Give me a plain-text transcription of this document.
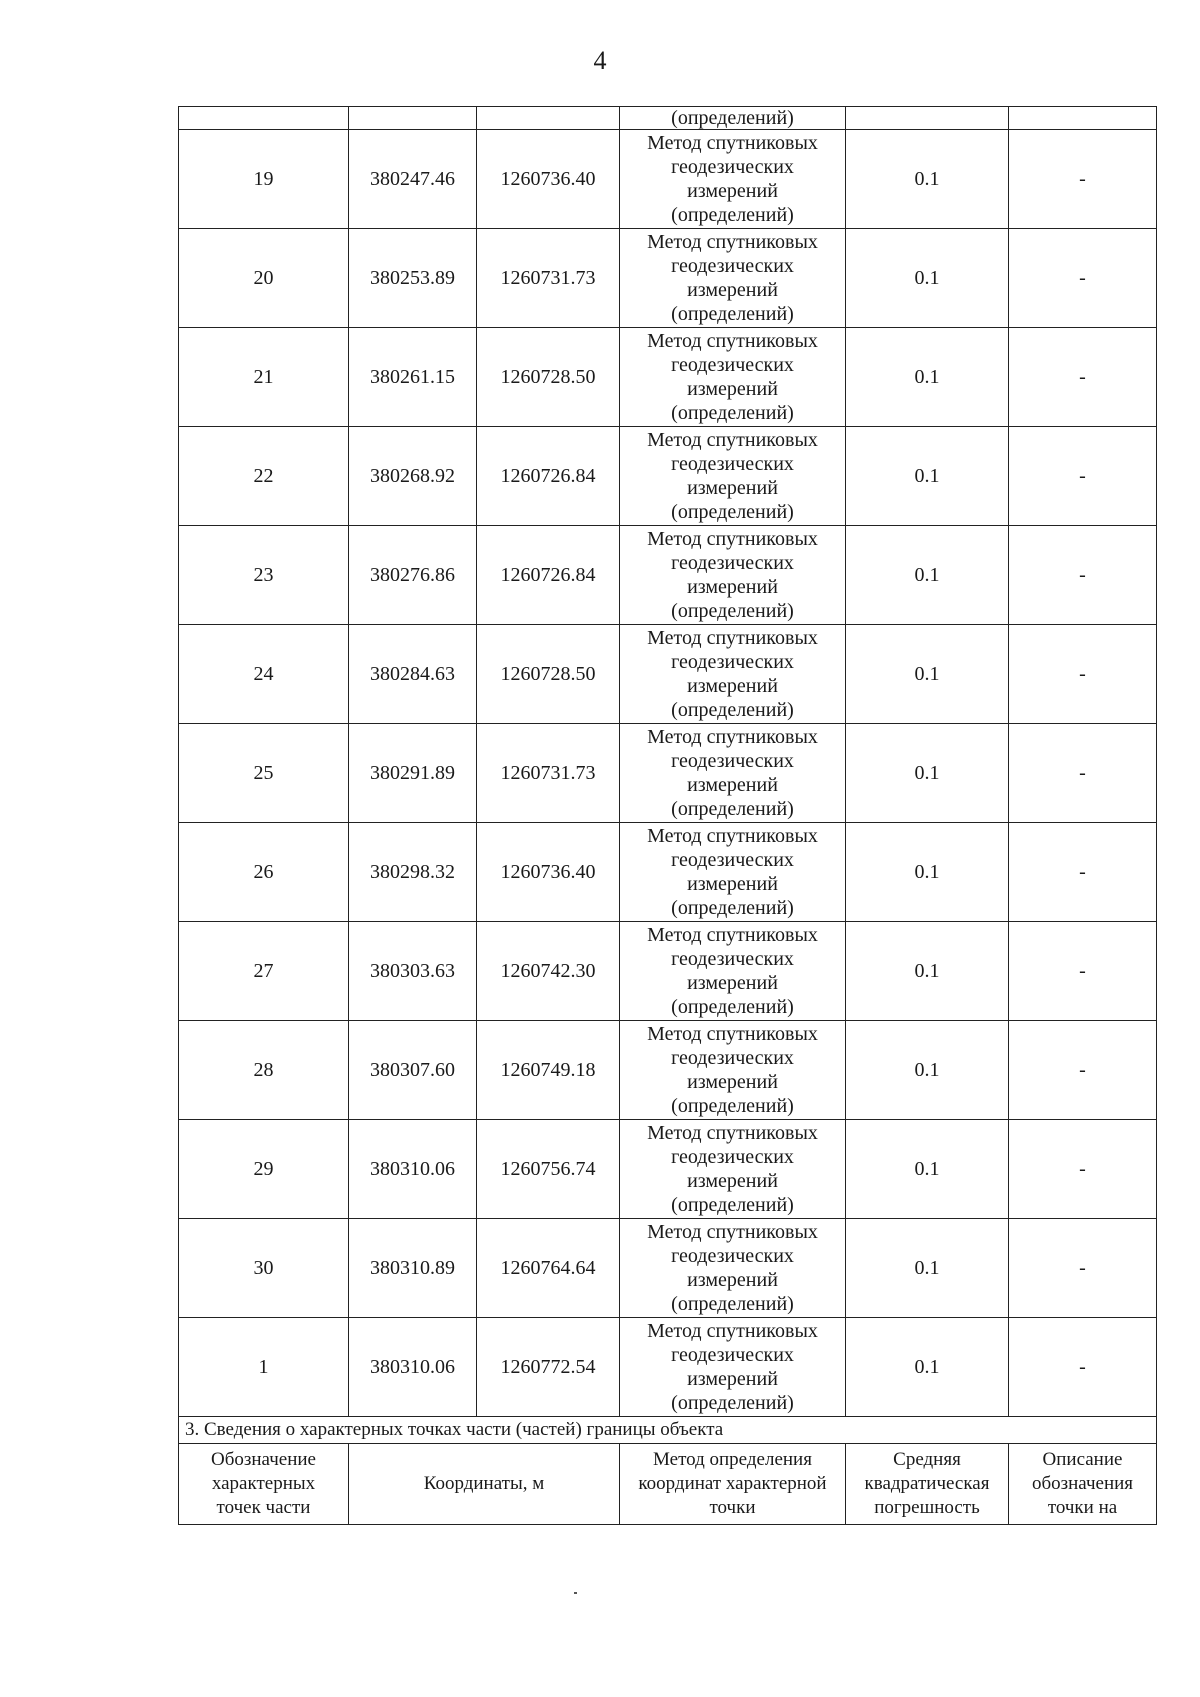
4
			(определений)		
19	380247.46	1260736.40	Метод спутниковых
геодезических
измерений
(определений)	0.1	-
20	380253.89	1260731.73	Метод спутниковых
геодезических
измерений
(определений)	0.1	-
21	380261.15	1260728.50	Метод спутниковых
геодезических
измерений
(определений)	0.1	-
22	380268.92	1260726.84	Метод спутниковых
геодезических
измерений
(определений)	0.1	-
23	380276.86	1260726.84	Метод спутниковых
геодезических
измерений
(определений)	0.1	-
24	380284.63	1260728.50	Метод спутниковых
геодезических
измерений
(определений)	0.1	-
25	380291.89	1260731.73	Метод спутниковых
геодезических
измерений
(определений)	0.1	-
26	380298.32	1260736.40	Метод спутниковых
геодезических
измерений
(определений)	0.1	-
27	380303.63	1260742.30	Метод спутниковых
геодезических
измерений
(определений)	0.1	-
28	380307.60	1260749.18	Метод спутниковых
геодезических
измерений
(определений)	0.1	-
29	380310.06	1260756.74	Метод спутниковых
геодезических
измерений
(определений)	0.1	-
30	380310.89	1260764.64	Метод спутниковых
геодезических
измерений
(определений)	0.1	-
1	380310.06	1260772.54	Метод спутниковых
геодезических
измерений
(определений)	0.1	-
3. Сведения о характерных точках части (частей) границы объекта					
Обозначение
характерных
точек части	Координаты, м		Метод определения
координат характерной
точки	Средняя
квадратическая
погрешность	Описание
обозначения
точки на
